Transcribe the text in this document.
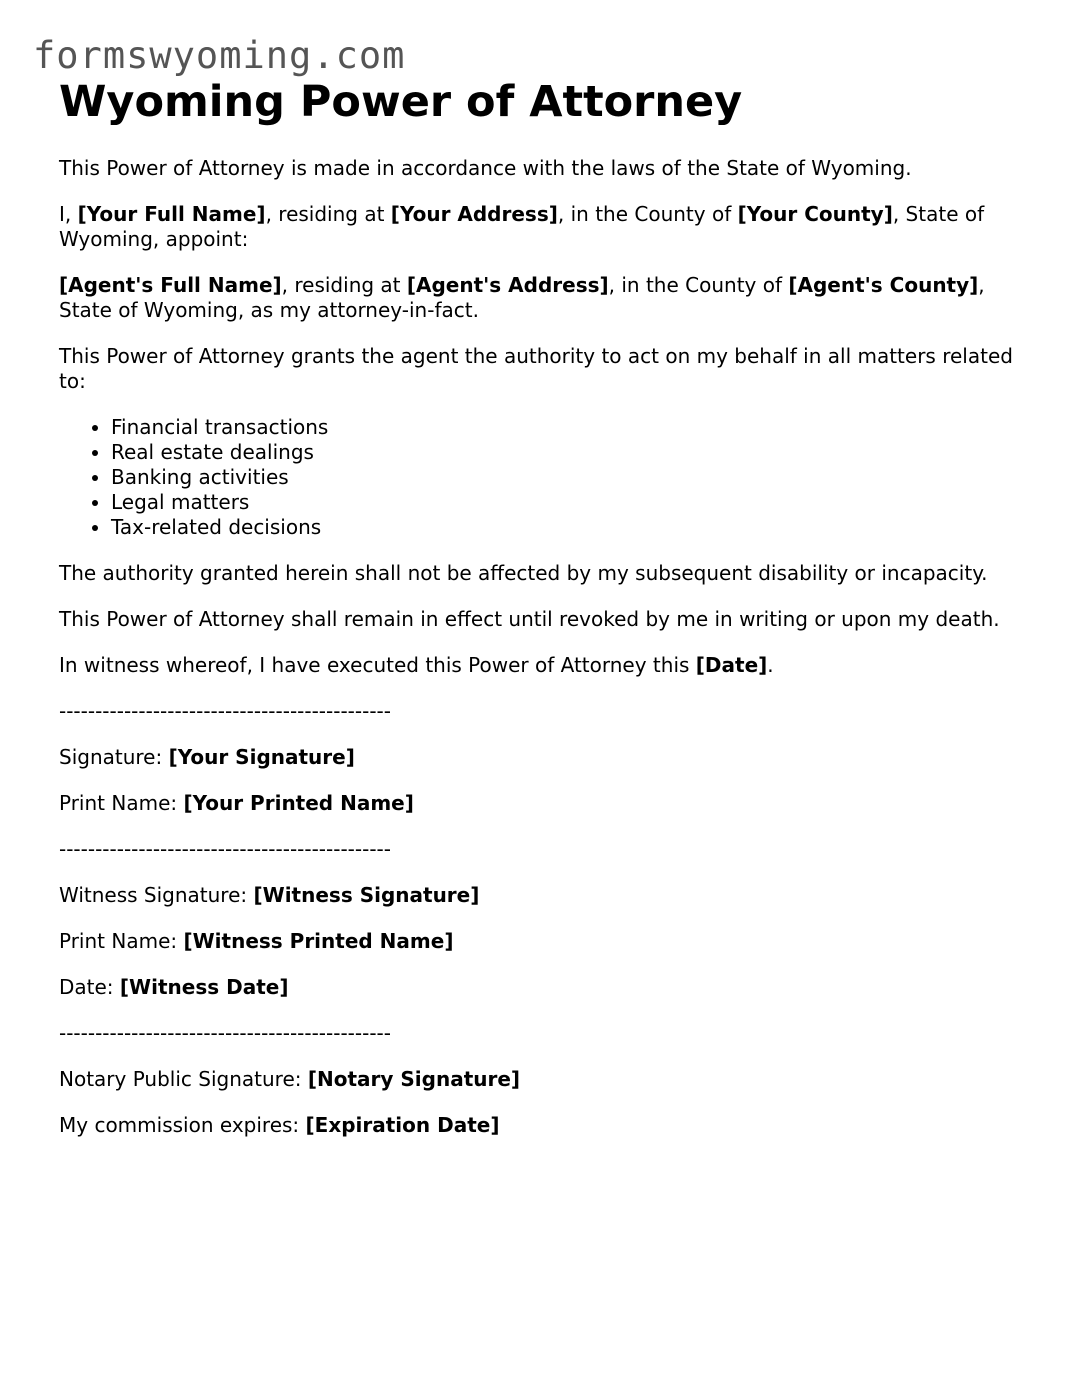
formswyoming.com
Wyoming Power of Attorney

This Power of Attorney is made in accordance with the laws of the State of Wyoming.

I, [Your Full Name], residing at [Your Address], in the County of [Your County], State of Wyoming, appoint:

[Agent's Full Name], residing at [Agent's Address], in the County of [Agent's County], State of Wyoming, as my attorney-in-fact.

This Power of Attorney grants the agent the authority to act on my behalf in all matters related to:

• Financial transactions
• Real estate dealings
• Banking activities
• Legal matters
• Tax-related decisions

The authority granted herein shall not be affected by my subsequent disability or incapacity.

This Power of Attorney shall remain in effect until revoked by me in writing or upon my death.

In witness whereof, I have executed this Power of Attorney this [Date].

----------------------------------------------

Signature: [Your Signature]

Print Name: [Your Printed Name]

----------------------------------------------

Witness Signature: [Witness Signature]

Print Name: [Witness Printed Name]

Date: [Witness Date]

----------------------------------------------

Notary Public Signature: [Notary Signature]

My commission expires: [Expiration Date]
